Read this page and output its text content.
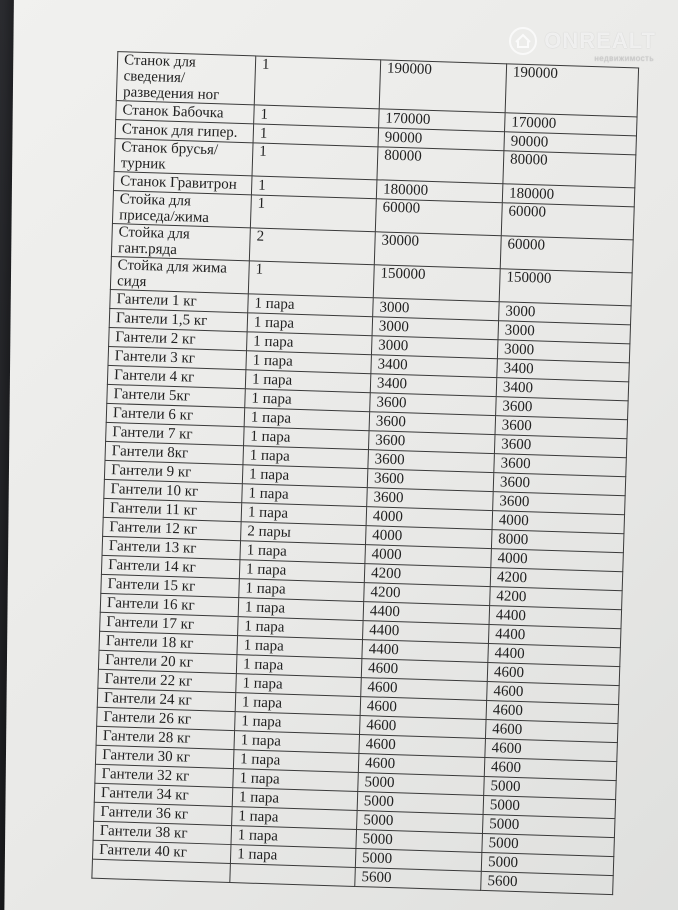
Станок для сведения/разведения ног	1	190000	190000
Станок Бабочка	1	170000	170000
Станок для гипер.	1	90000	90000
Станок брусья/турник	1	80000	80000
Станок Гравитрон	1	180000	180000
Стойка для приседа/жима	1	60000	60000
Стойка для гант.ряда	2	30000	60000
Стойка для жима сидя	1	150000	150000
Гантели 1 кг	1 пара	3000	3000
Гантели 1,5 кг	1 пара	3000	3000
Гантели 2 кг	1 пара	3000	3000
Гантели 3 кг	1 пара	3400	3400
Гантели 4 кг	1 пара	3400	3400
Гантели 5кг	1 пара	3600	3600
Гантели 6 кг	1 пара	3600	3600
Гантели 7 кг	1 пара	3600	3600
Гантели 8кг	1 пара	3600	3600
Гантели 9 кг	1 пара	3600	3600
Гантели 10 кг	1 пара	3600	3600
Гантели 11 кг	1 пара	4000	4000
Гантели 12 кг	2 пары	4000	8000
Гантели 13 кг	1 пара	4000	4000
Гантели 14 кг	1 пара	4200	4200
Гантели 15 кг	1 пара	4200	4200
Гантели 16 кг	1 пара	4400	4400
Гантели 17 кг	1 пара	4400	4400
Гантели 18 кг	1 пара	4400	4400
Гантели 20 кг	1 пара	4600	4600
Гантели 22 кг	1 пара	4600	4600
Гантели 24 кг	1 пара	4600	4600
Гантели 26 кг	1 пара	4600	4600
Гантели 28 кг	1 пара	4600	4600
Гантели 30 кг	1 пара	4600	4600
Гантели 32 кг	1 пара	5000	5000
Гантели 34 кг	1 пара	5000	5000
Гантели 36 кг	1 пара	5000	5000
Гантели 38 кг	1 пара	5000	5000
Гантели 40 кг	1 пара	5000	5000
		5600	5600
ONREALT
недвижимость
